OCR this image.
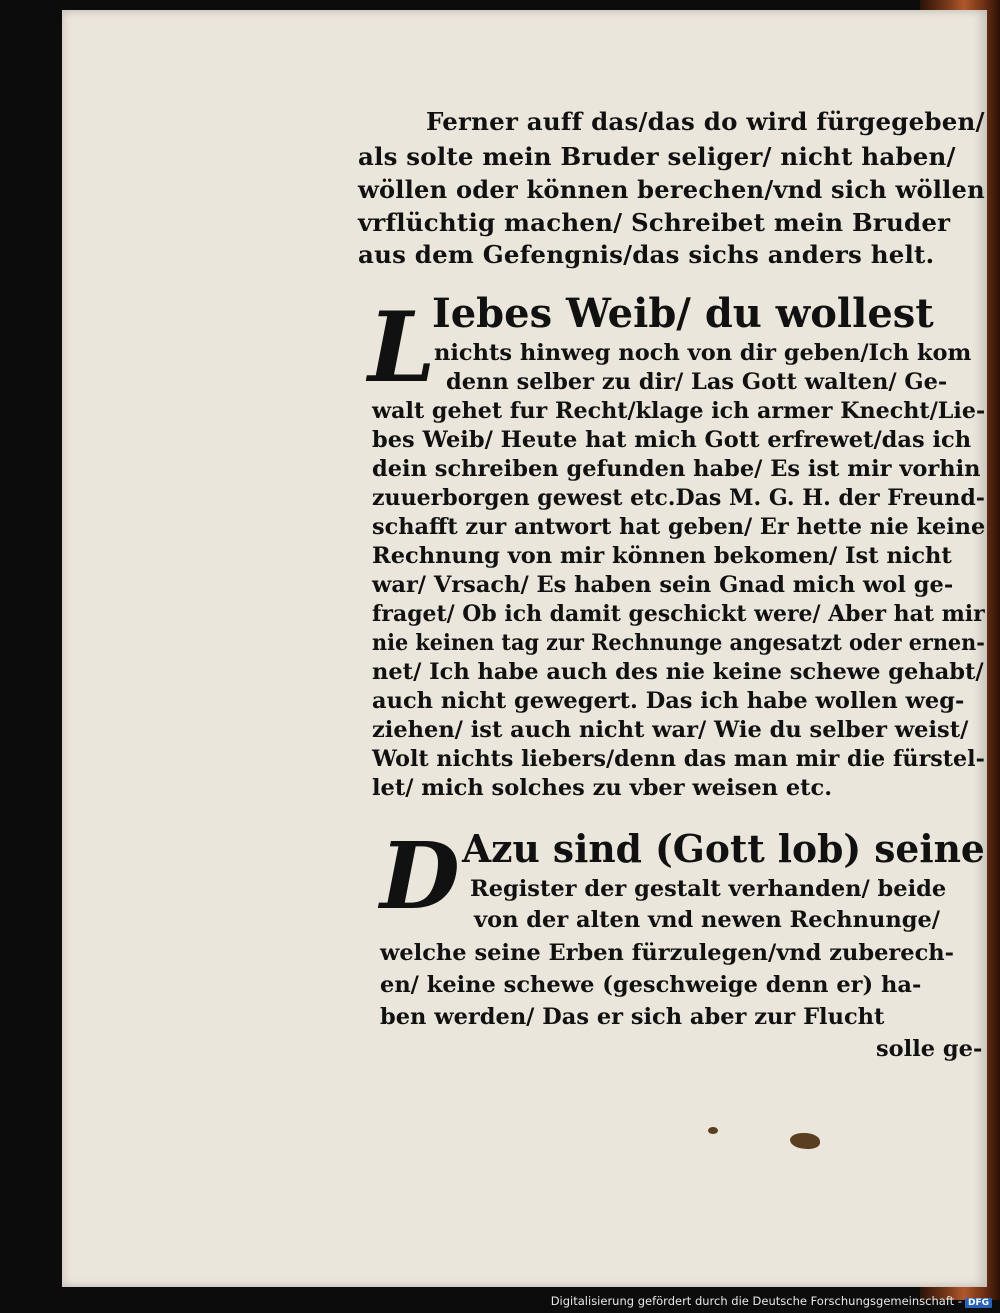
Ferner auff das/das do wird fürgegeben/
als solte mein Bruder seliger/ nicht haben/
wöllen oder können berechen/vnd sich wöllen
vrflüchtig machen/ Schreibet mein Bruder
aus dem Gefengnis/das sichs anders helt.
L
Iebes Weib/ du wollest
nichts hinweg noch von dir geben/Ich kom
denn selber zu dir/ Las Gott walten/ Ge-
walt gehet fur Recht/klage ich armer Knecht/Lie-
bes Weib/ Heute hat mich Gott erfrewet/das ich
dein schreiben gefunden habe/ Es ist mir vorhin
zuuerborgen gewest etc.Das M. G. H. der Freund-
schafft zur antwort hat geben/ Er hette nie keine
Rechnung von mir können bekomen/ Ist nicht
war/ Vrsach/ Es haben sein Gnad mich wol ge-
fraget/ Ob ich damit geschickt were/ Aber hat mir
nie keinen tag zur Rechnunge angesatzt oder ernen-
net/ Ich habe auch des nie keine schewe gehabt/
auch nicht gewegert. Das ich habe wollen weg-
ziehen/ ist auch nicht war/ Wie du selber weist/
Wolt nichts liebers/denn das man mir die fürstel-
let/ mich solches zu vber weisen etc.
D Azu sind (Gott lob) seine
Register der gestalt verhanden/ beide
von der alten vnd newen Rechnunge/
welche seine Erben fürzulegen/vnd zuberech-
en/ keine schewe (geschweige denn er) ha-
ben werden/ Das er sich aber zur Flucht
solle ge-
Digitalisierung gefördert durch die Deutsche Forschungsgemeinschaft - DFG
